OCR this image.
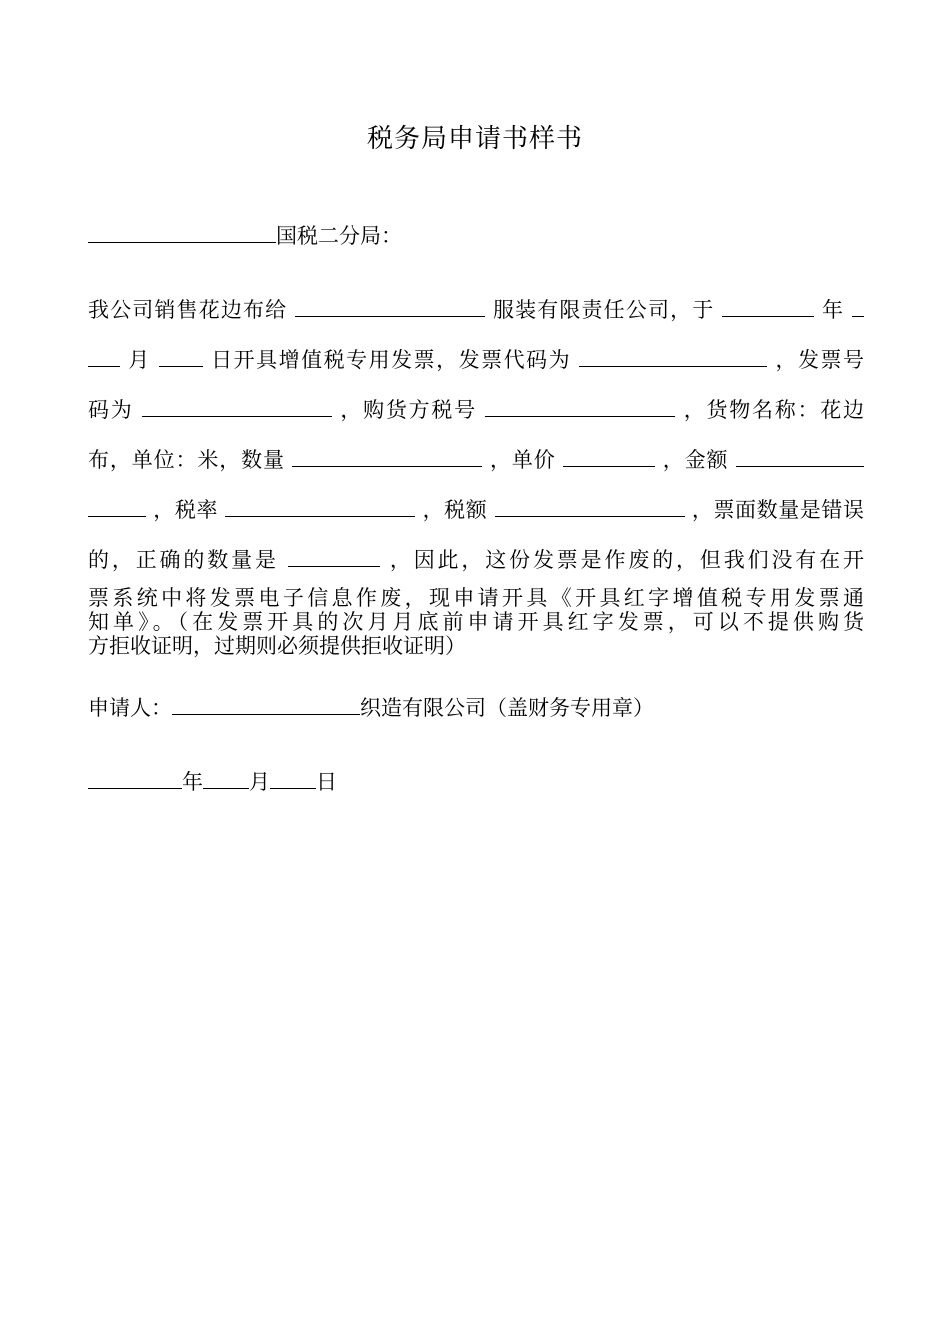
税务局申请书样书
国税二分局：
我公司销售花边布给	服装有限责任公司，于	年
月	日开具增值税专用发票，发票代码为	，发票号
码为	，购货方税号	，货物名称：花边
布，单位：米，数量	，单价	，金额
，税率	，税额	，票面数量是错误
的，正确的数量是	，因此，这份发票是作废的，但我们没有在开
票系统中将发票电子信息作废，现申请开具《开具红字增值税专用发票通
知单》。（在发票开具的次月月底前申请开具红字发票，可以不提供购货
方拒收证明，过期则必须提供拒收证明）
申请人：	织造有限公司（盖财务专用章）
年 月 日
